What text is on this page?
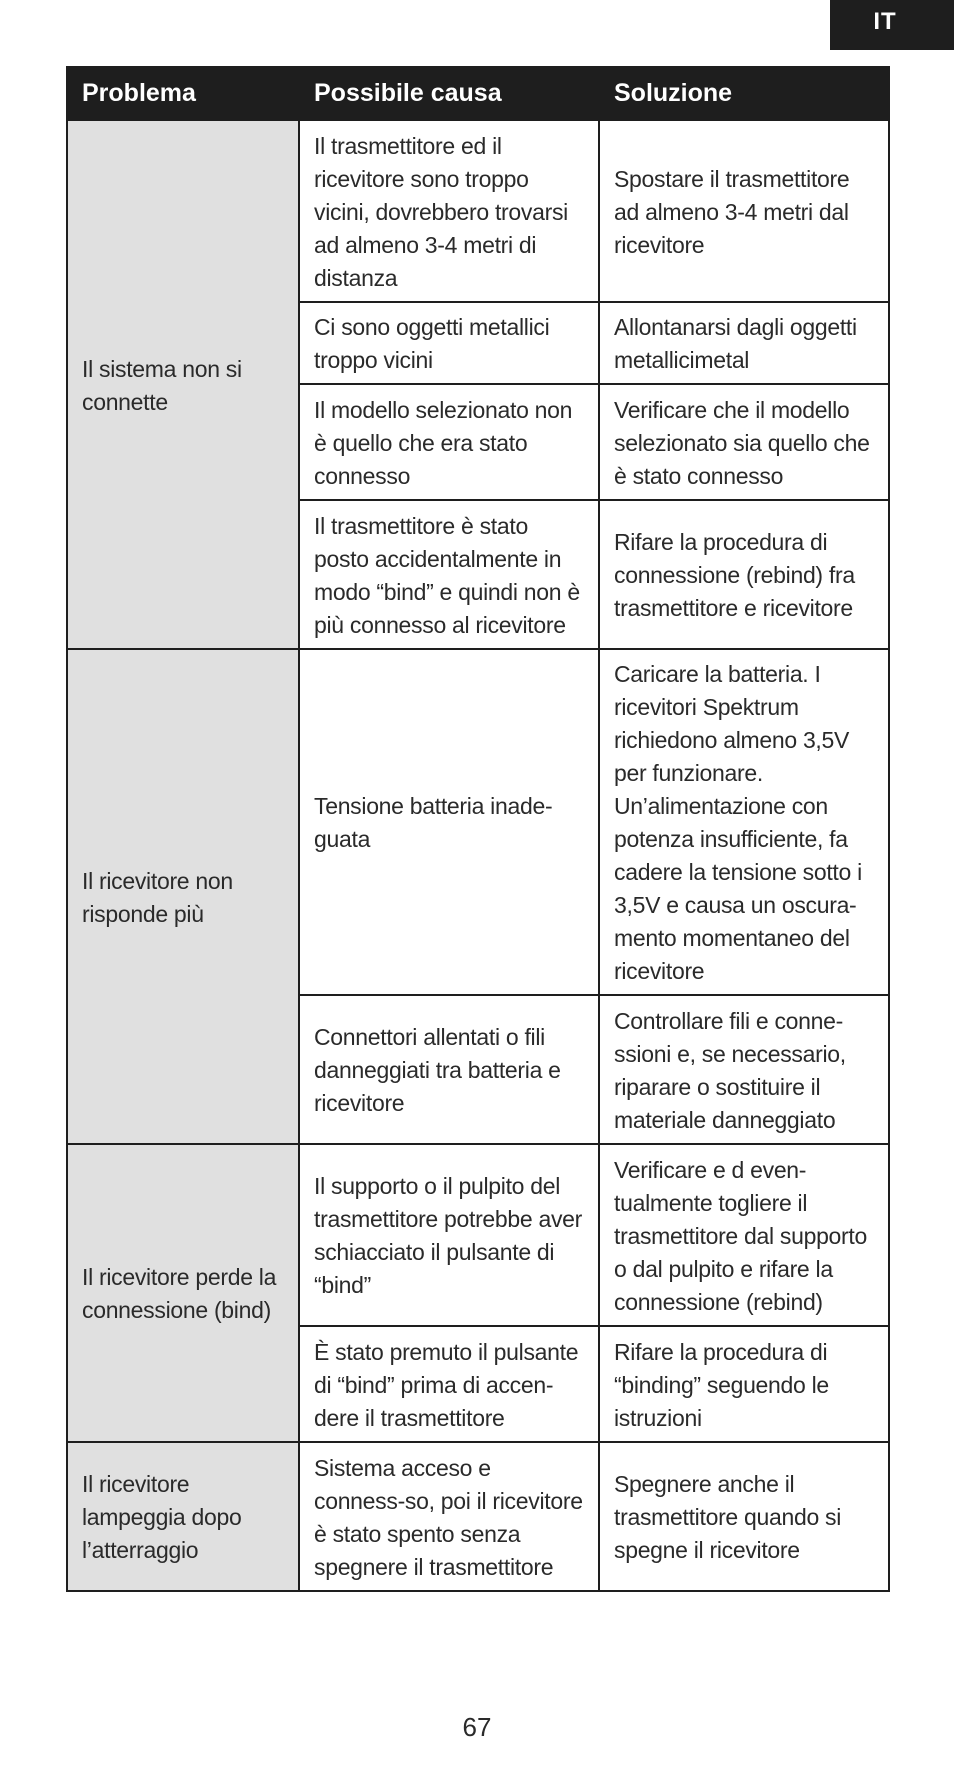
IT
Problema	Possibile causa	Soluzione
Il sistema non si connette	Il trasmettitore ed il ricevitore sono troppo vicini, dovrebbero trovarsi ad almeno 3-4 metri di distanza	Spostare il trasmettitore ad almeno 3-4 metri dal ricevitore
	Ci sono oggetti metallici troppo vicini	Allontanarsi dagli oggetti metallicimetal
	Il modello selezionato non è quello che era stato connesso	Verificare che il modello selezionato sia quello che è stato connesso
	Il trasmettitore è stato posto accidentalmente in modo “bind” e quindi non è più connesso al ricevitore	Rifare la procedura di connessione (rebind) fra trasmettitore e ricevitore
Il ricevitore non risponde più	Tensione batteria inade-guata	Caricare la batteria. I ricevitori Spektrum richiedono almeno 3,5V per funzionare. Un’alimentazione con potenza insufficiente, fa cadere la tensione sotto i 3,5V e causa un oscura-mento momentaneo del ricevitore
	Connettori allentati o fili danneggiati tra batteria e ricevitore	Controllare fili e conne-ssioni e, se necessario, riparare o sostituire il materiale danneggiato
Il ricevitore perde la connessione (bind)	Il supporto o il pulpito del trasmettitore potrebbe aver schiacciato il pulsante di “bind”	Verificare e d even-tualmente togliere il trasmettitore dal supporto o dal pulpito e rifare la connessione (rebind)
	È stato premuto il pulsante di “bind” prima di accen-dere il trasmettitore	Rifare la procedura di “binding” seguendo le istruzioni
Il ricevitore lampeggia dopo l’atterraggio	Sistema acceso e conness-so, poi il ricevitore è stato spento senza spegnere il trasmettitore	Spegnere anche il trasmettitore quando si spegne il ricevitore
67
